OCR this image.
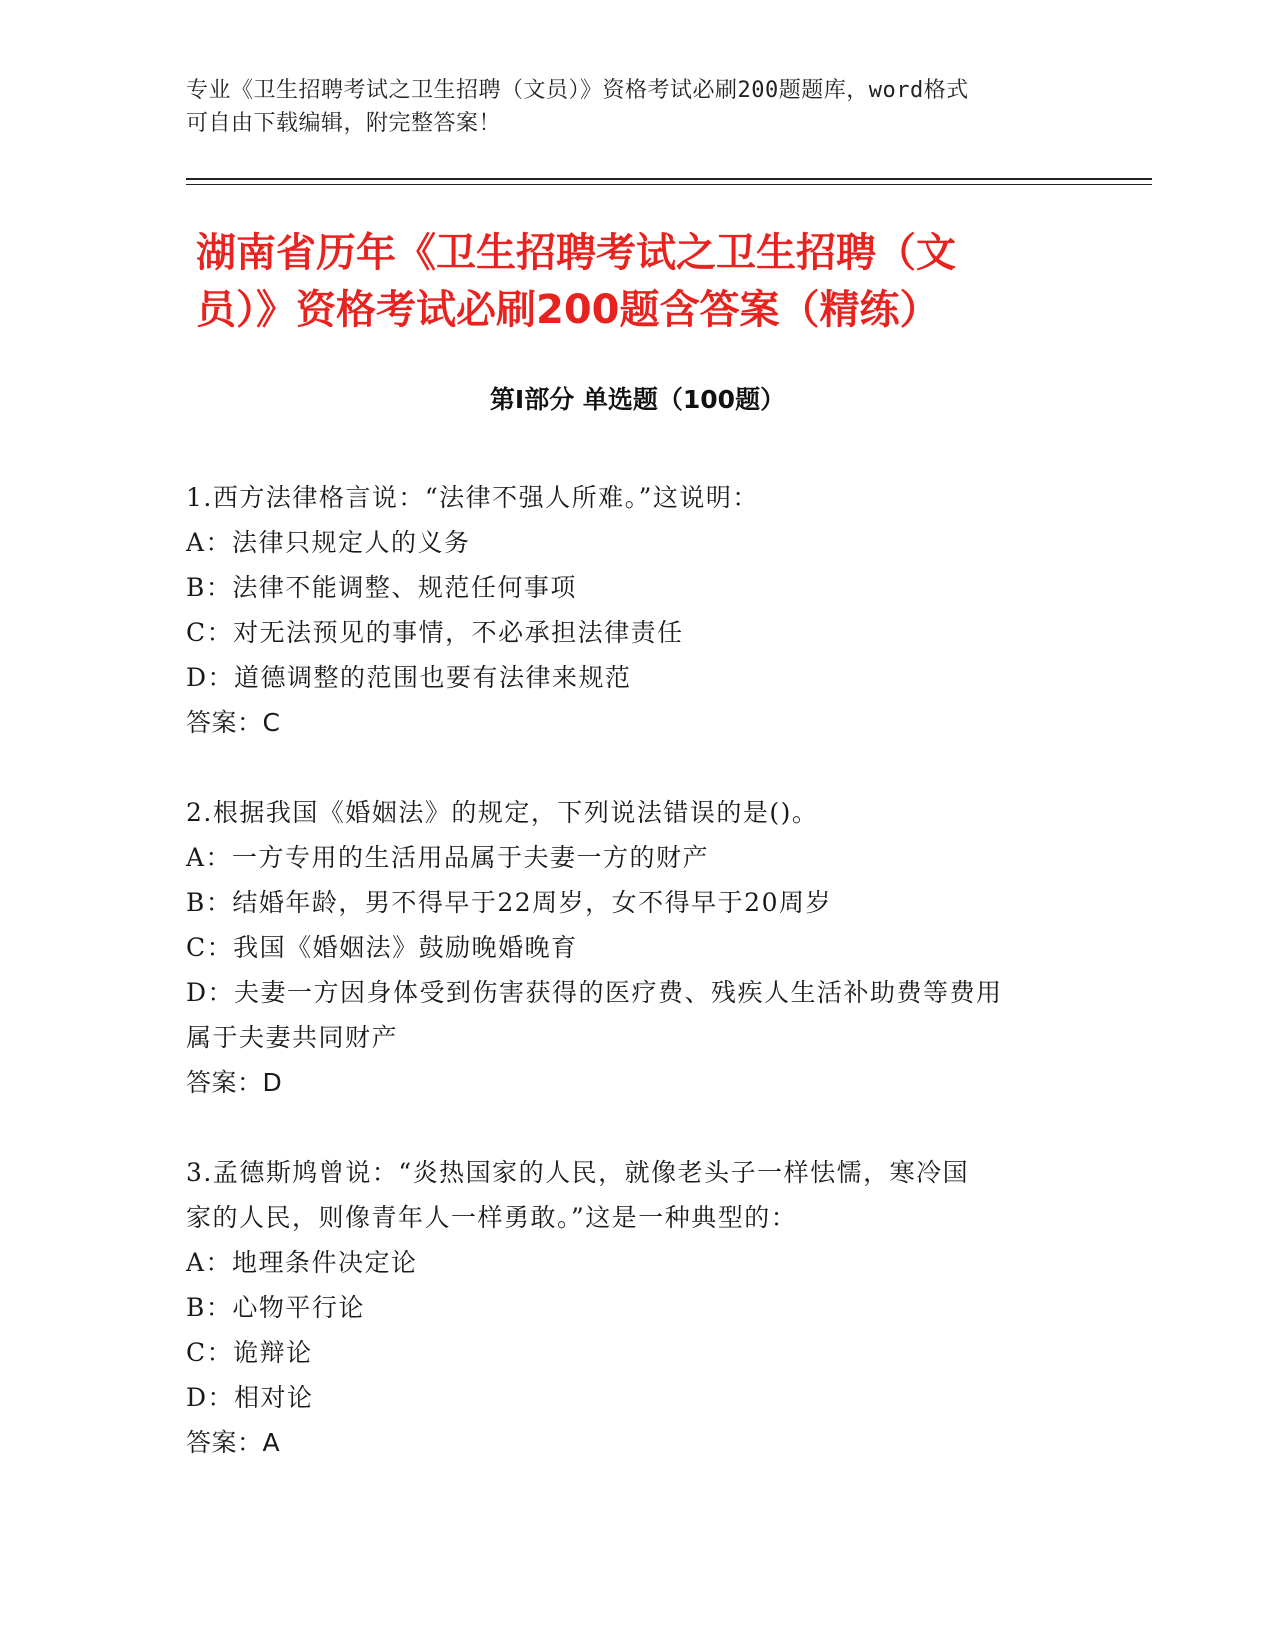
专业《卫生招聘考试之卫生招聘（文员）》资格考试必刷200题题库，word格式
可自由下载编辑，附完整答案！
湖南省历年《卫生招聘考试之卫生招聘（文
员）》资格考试必刷200题含答案（精练）
第Ⅰ部分 单选题（100题）
1.西方法律格言说：“法律不强人所难。”这说明：
A：法律只规定人的义务
B：法律不能调整、规范任何事项
C：对无法预见的事情，不必承担法律责任
D：道德调整的范围也要有法律来规范
答案：C
2.根据我国《婚姻法》的规定，下列说法错误的是()。
A：一方专用的生活用品属于夫妻一方的财产
B：结婚年龄，男不得早于22周岁，女不得早于20周岁
C：我国《婚姻法》鼓励晚婚晚育
D：夫妻一方因身体受到伤害获得的医疗费、残疾人生活补助费等费用
属于夫妻共同财产
答案：D
3.孟德斯鸠曾说：“炎热国家的人民，就像老头子一样怯懦，寒冷国
家的人民，则像青年人一样勇敢。”这是一种典型的：
A：地理条件决定论
B：心物平行论
C：诡辩论
D：相对论
答案：A
